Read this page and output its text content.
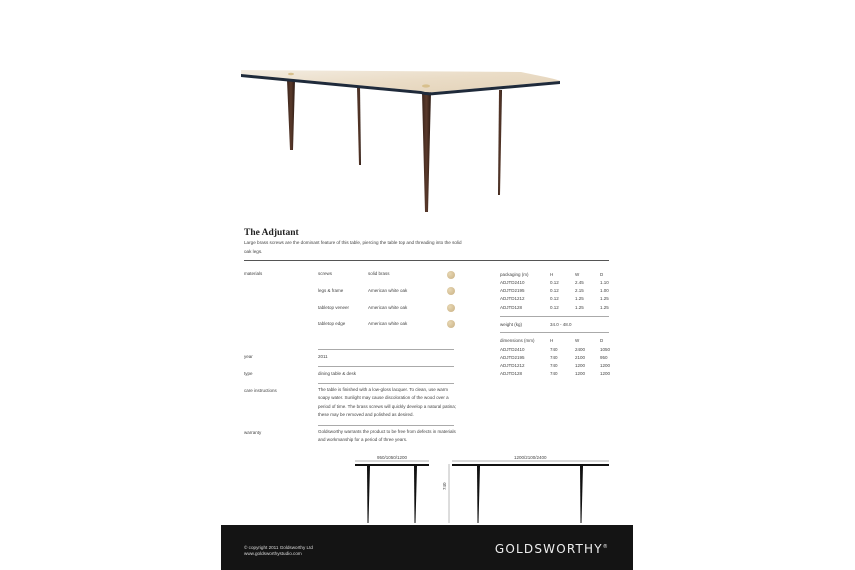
The Adjutant
Large brass screws are the dominant feature of this table, piercing the table top and threading into the solid oak legs.
materials	screws	solid brass
legs & frame	American white oak
tabletop veneer	American white oak
tabletop edge	American white oak
year	2011
type	dining table & desk
care instructions	The table is finished with a low-gloss lacquer. To clean, use warm soapy water. Sunlight may cause discoloration of the wood over a period of time. The brass screws will quickly develop a natural patina; these may be removed and polished as desired.
warranty	Goldsworthy warrants the product to be free from defects in materials and workmanship for a period of three years.
packaging (m)	H	W	D
ADJTD2410	0.12	2.45	1.10
ADJTD2195	0.12	2.15	1.00
ADJTD1212	0.12	1.25	1.25
ADJTD128	0.12	1.25	1.25
weight (kg)	34.0 - 48.0
dimensions (mm)	H	W	D
ADJTD2410	740	2400	1050
ADJTD2195	740	2100	950
ADJTD1212	740	1200	1200
ADJTD128	740	1200	1200
950/1050/1200	1200/2100/2400
740
© copyright 2011 Goldsworthy Ltd
www.goldsworthystudio.com	GOLDSWORTHY®
